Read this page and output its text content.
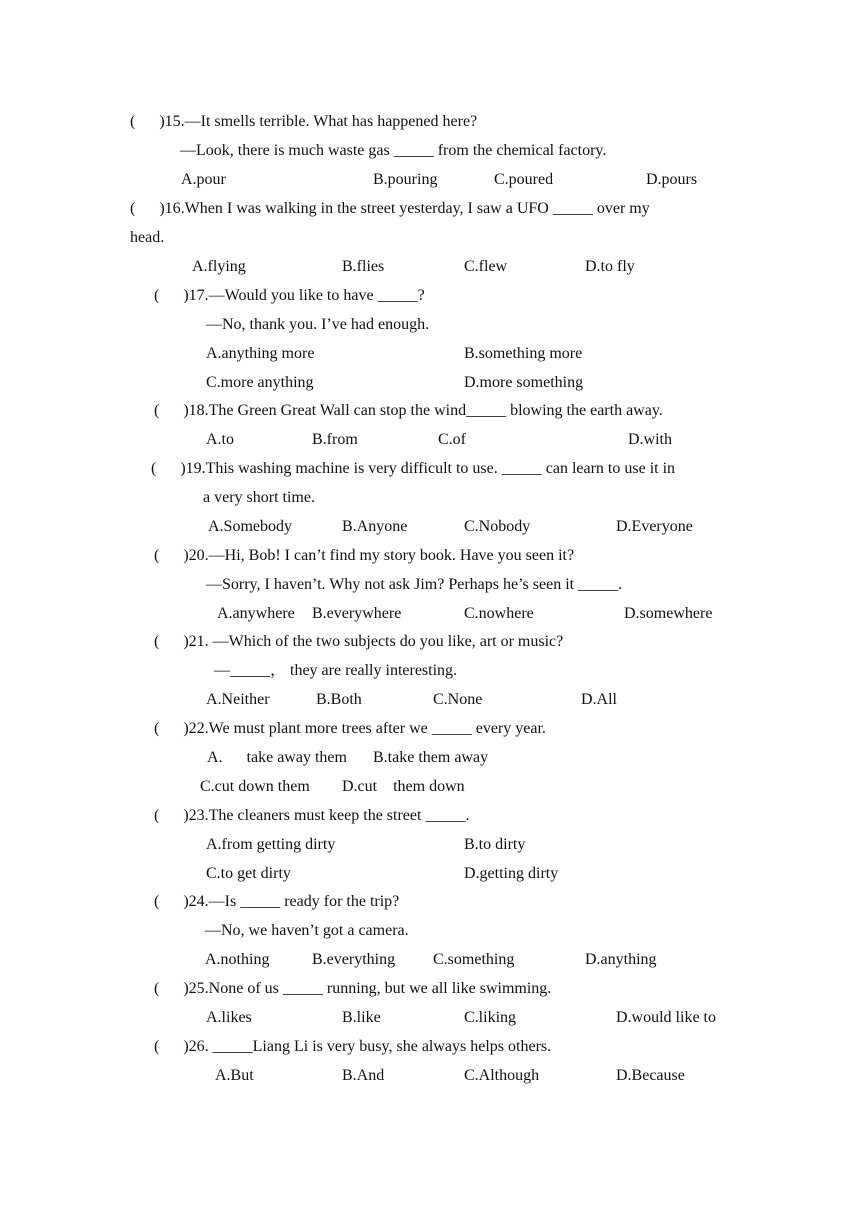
(      )15.—It smells terrible. What has happened here?
—Look, there is much waste gas _____ from the chemical factory.
A.pour	B.pouring	C.poured	D.pours
(      )16.When I was walking in the street yesterday, I saw a UFO _____ over my
head.
A.flying	B.flies	C.flew	D.to fly
(      )17.—Would you like to have _____?
—No, thank you. I’ve had enough.
A.anything more	B.something more
C.more anything	D.more something
(      )18.The Green Great Wall can stop the wind_____ blowing the earth away.
A.to	B.from	C.of	D.with
(      )19.This washing machine is very difficult to use. _____ can learn to use it in
a very short time.
A.Somebody	B.Anyone	C.Nobody	D.Everyone
(      )20.—Hi, Bob! I can’t find my story book. Have you seen it?
—Sorry, I haven’t. Why not ask Jim? Perhaps he’s seen it _____.
A.anywhere B.everywhere	C.nowhere	D.somewhere
(      )21. —Which of the two subjects do you like, art or music?
—_____， they are really interesting.
A.Neither	B.Both	C.None	D.All
(      )22.We must plant more trees after we _____ every year.
A.      take away them B.take them away
C.cut down them D.cut    them down
(      )23.The cleaners must keep the street _____.
A.from getting dirty	B.to dirty
C.to get dirty	D.getting dirty
(      )24.—Is _____ ready for the trip?
—No, we haven’t got a camera.
A.nothing	B.everything C.something	D.anything
(      )25.None of us _____ running, but we all like swimming.
A.likes	B.like	C.liking	D.would like to
(      )26. _____Liang Li is very busy, she always helps others.
A.But	B.And	C.Although	D.Because
